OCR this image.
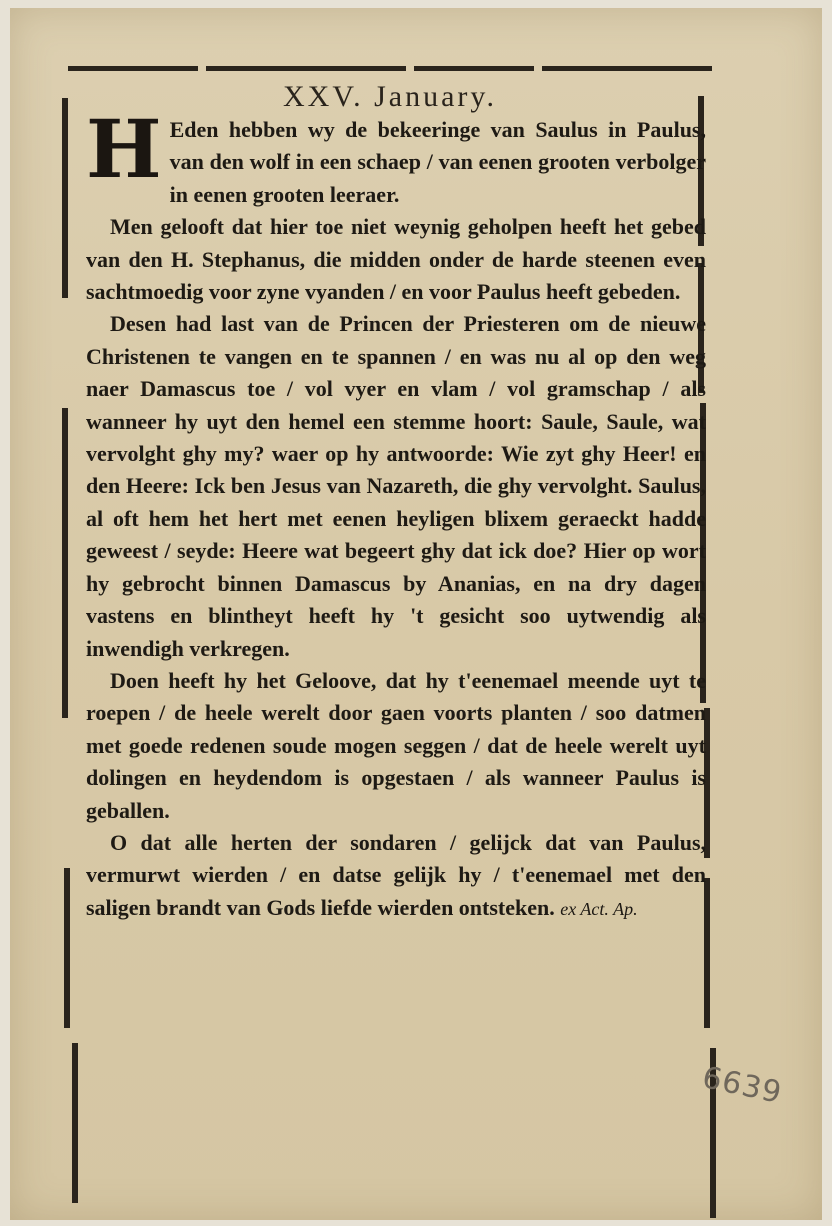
XXV. January.

H Eden hebben wy de bekeeringe van Saulus in Paulus, van den wolf in een schaep / van eenen grooten verbolger in eenen grooten leeraer.

Men gelooft dat hier toe niet weynig geholpen heeft het gebed van den H. Stephanus, die midden onder de harde steenen even sachtmoedig voor zyne vyanden / en voor Paulus heeft gebeden.

Desen had last van de Princen der Priesteren om de nieuwe Christenen te vangen en te spannen / en was nu al op den weg naer Damascus toe / vol vyer en vlam / vol gramschap / als wanneer hy uyt den hemel een stemme hoort: Saule, Saule, wat vervolght ghy my? waer op hy antwoorde: Wie zyt ghy Heer! en den Heere: Ick ben Jesus van Nazareth, die ghy vervolght. Saulus, al oft hem het hert met eenen heyligen blixem geraeckt hadde geweest / seyde: Heere wat begeert ghy dat ick doe? Hier op wort hy gebrocht binnen Damascus by Ananias, en na dry dagen vastens en blintheyt heeft hy 't gesicht soo uytwendig als inwendigh verkregen.

Doen heeft hy het Geloove, dat hy t'eenemael meende uyt te roepen / de heele werelt door gaen voorts planten / soo datmen met goede redenen soude mogen seggen / dat de heele werelt uyt dolingen en heydendom is opgestaen / als wanneer Paulus is geballen.

O dat alle herten der sondaren / gelijck dat van Paulus, vermurwt wierden / en datse gelijk hy / t'eenemael met den saligen brandt van Gods liefde wierden ontsteken. ex Act. Ap.

6639
